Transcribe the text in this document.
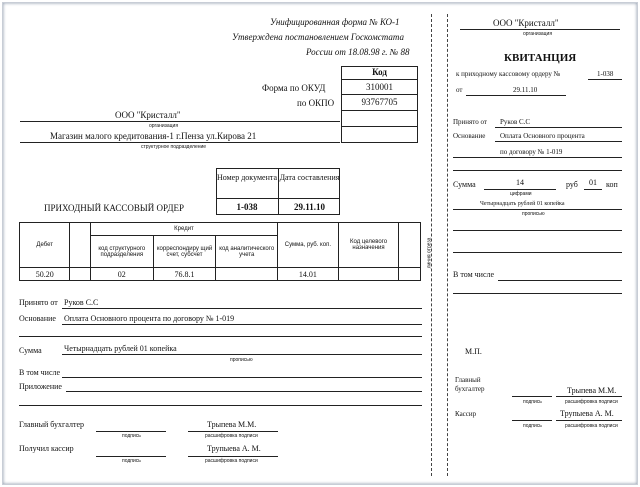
Унифицированная форма № КО-1
Утверждена постановлением Госкомстата
России от 18.08.98 г. № 88
Код
Форма по ОКУД	310001
по ОКПО	93767705
ООО "Кристалл"
организация
Магазин малого кредитования-1 г.Пенза ул.Кирова 21
структурное подразделение
Номер документа Дата составления
1-038	29.11.10
ПРИХОДНЫЙ КАССОВЫЙ ОРДЕР
Дебет		Кредит			Сумма, руб. коп.	Код целевого назначения	
		код структурного подразделения	корреспондиру щий счет, субсчет	код аналитического учета			
50.20		02	76.8.1		14.01		
Принято от Руков С.С
Основание Оплата Основного процента по договору № 1-019
Сумма	Четырнадцать рублей 01 копейка
прописью
В том числе
Приложение
Главный бухгалтер
подпись
Трыпева М.М.
расшифровка подписи
Получил кассир
подпись
Трупыева А. М.
расшифровка подписи
линия отреза
ООО "Кристалл"
организация
КВИТАНЦИЯ
к приходному кассовому ордеру №	1-038
от	29.11.10
Принято от Руков С.С
Основание Оплата Основного процента
по договору № 1-019
Сумма	14	руб	01	коп
цифрами
Четырнадцать рублей 01 копейка
прописью
В том числе
М.П.
Главный бухгалтер
подпись
Трыпева М.М.
расшифровка подписи
Кассир
подпись
Трупыева А. М.
расшифровка подписи
